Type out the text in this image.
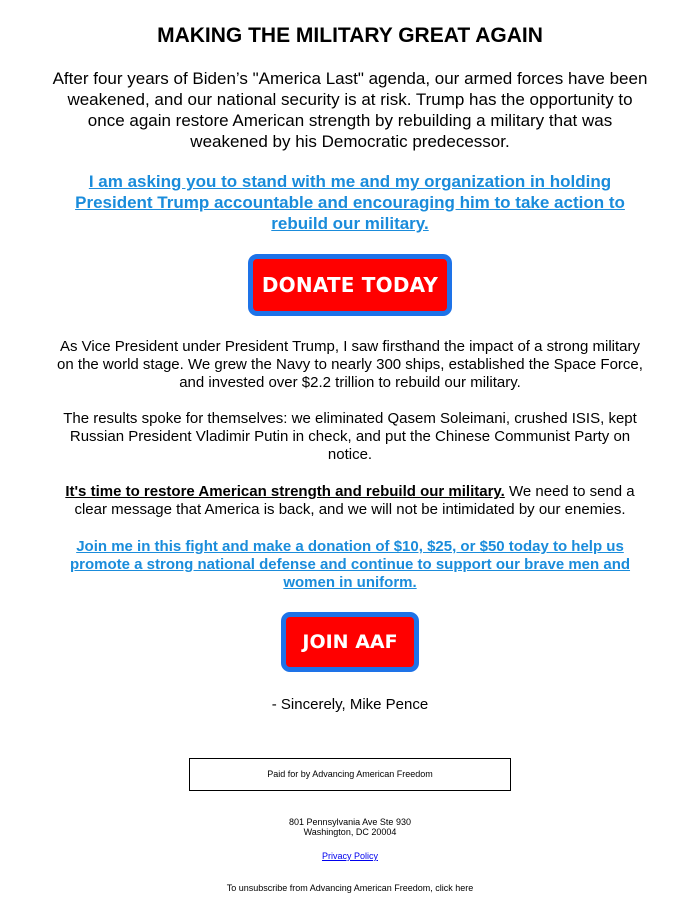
MAKING THE MILITARY GREAT AGAIN

After four years of Biden’s "America Last" agenda, our armed forces have been weakened, and our national security is at risk. Trump has the opportunity to once again restore American strength by rebuilding a military that was weakened by his Democratic predecessor.

I am asking you to stand with me and my organization in holding President Trump accountable and encouraging him to take action to rebuild our military.

DONATE TODAY

As Vice President under President Trump, I saw firsthand the impact of a strong military on the world stage. We grew the Navy to nearly 300 ships, established the Space Force, and invested over $2.2 trillion to rebuild our military.

The results spoke for themselves: we eliminated Qasem Soleimani, crushed ISIS, kept Russian President Vladimir Putin in check, and put the Chinese Communist Party on notice.

It's time to restore American strength and rebuild our military. We need to send a clear message that America is back, and we will not be intimidated by our enemies.

Join me in this fight and make a donation of $10, $25, or $50 today to help us promote a strong national defense and continue to support our brave men and women in uniform.

JOIN AAF

- Sincerely, Mike Pence

Paid for by Advancing American Freedom
801 Pennsylvania Ave Ste 930
Washington, DC 20004
Privacy Policy
To unsubscribe from Advancing American Freedom, click here
